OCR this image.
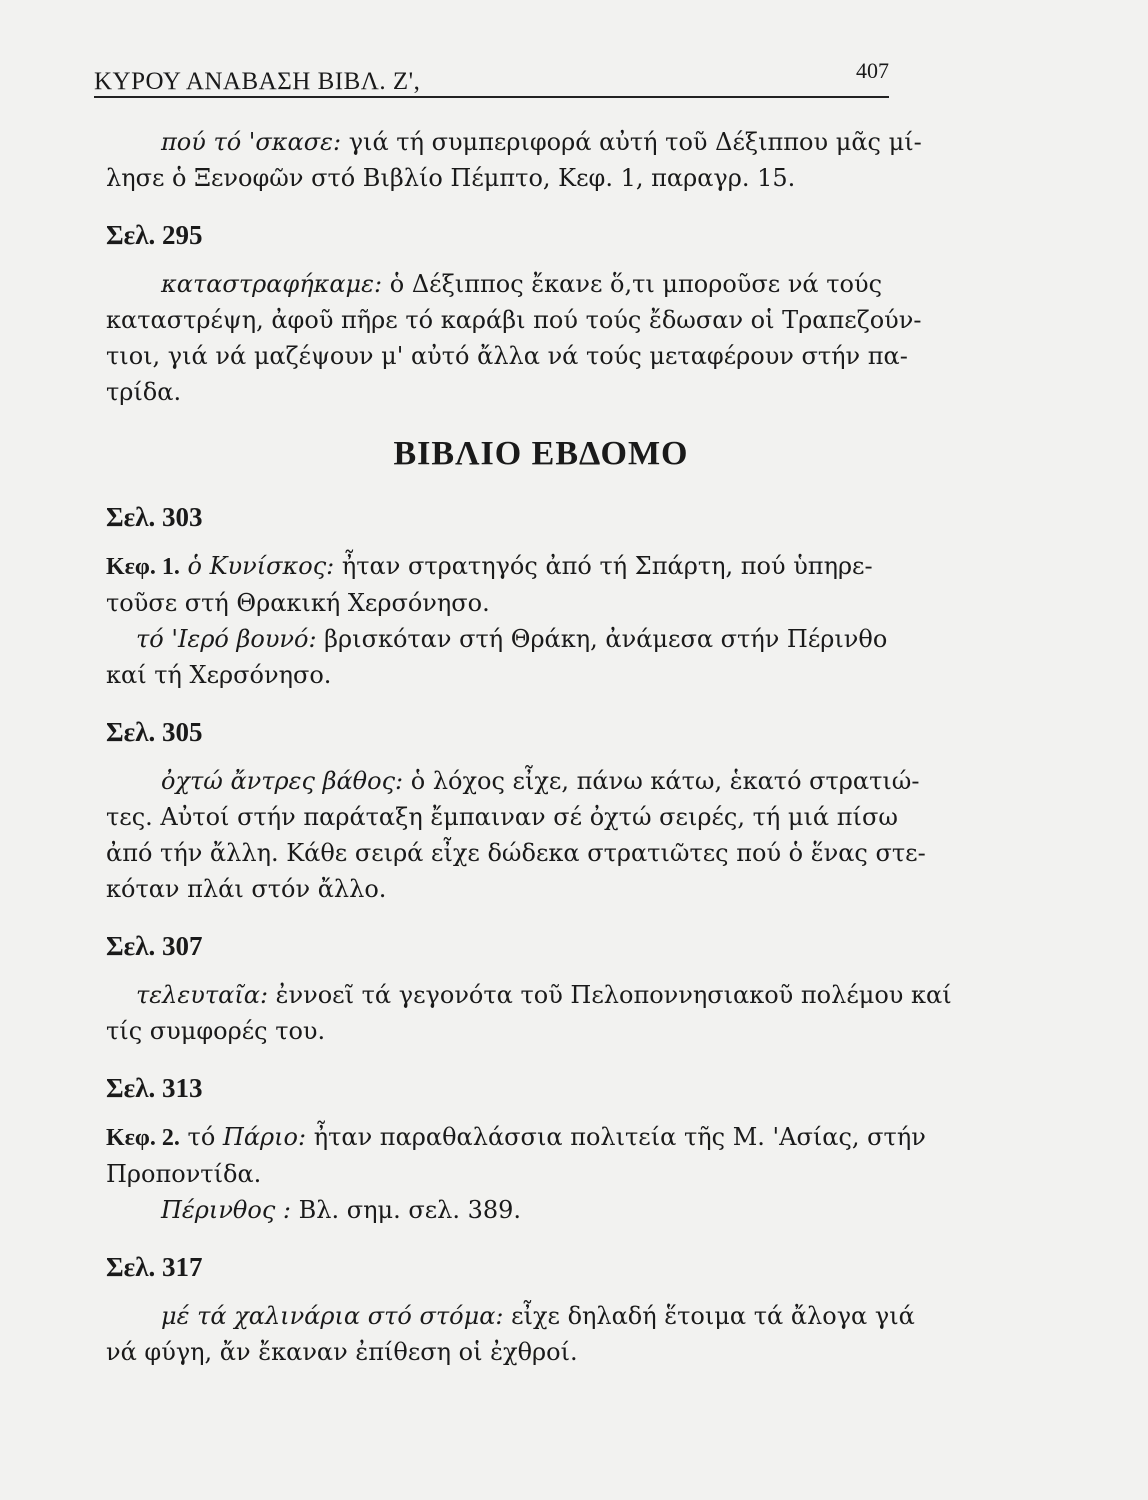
ΚΥΡΟΥ ΑΝΑΒΑΣΗ ΒΙΒΛ. Ζ',	407

πού τό 'σκασε: γιά τή συμπεριφορά αὐτή τοῦ Δέξιππου μᾶς μί-

λησε ὁ Ξενοφῶν στό Βιβλίο Πέμπτο, Κεφ. 1, παραγρ. 15.

Σελ. 295

καταστραφήκαμε: ὁ Δέξιππος ἔκανε ὅ,τι μποροῦσε νά τούς

καταστρέψη, ἀφοῦ πῆρε τό καράβι πού τούς ἔδωσαν οἱ Τραπεζούν-

τιοι, γιά νά μαζέψουν μ' αὐτό ἄλλα νά τούς μεταφέρουν στήν πα-

τρίδα.

ΒΙΒΛΙΟ ΕΒΔΟΜΟ
Σελ. 303

Κεφ. 1. ὁ Κυνίσκος: ἦταν στρατηγός ἀπό τή Σπάρτη, πού ὑπηρε-

τοῦσε στή Θρακική Χερσόνησο.

τό 'Ιερό βουνό: βρισκόταν στή Θράκη, ἀνάμεσα στήν Πέρινθο

καί τή Χερσόνησο.

Σελ. 305

ὀχτώ ἄντρες βάθος: ὁ λόχος εἶχε, πάνω κάτω, ἑκατό στρατιώ-

τες. Αὐτοί στήν παράταξη ἔμπαιναν σέ ὀχτώ σειρές, τή μιά πίσω

ἀπό τήν ἄλλη. Κάθε σειρά εἶχε δώδεκα στρατιῶτες πού ὁ ἕνας στε-

κόταν πλάι στόν ἄλλο.

Σελ. 307

τελευταῖα: ἐννοεῖ τά γεγονότα τοῦ Πελοποννησιακοῦ πολέμου καί

τίς συμφορές του.

Σελ. 313

Κεφ. 2. τό Πάριο: ἦταν παραθαλάσσια πολιτεία τῆς Μ. 'Ασίας, στήν

Προποντίδα.

Πέρινθος : Βλ. σημ. σελ. 389.

Σελ. 317

μέ τά χαλινάρια στό στόμα: εἶχε δηλαδή ἕτοιμα τά ἄλογα γιά

νά φύγη, ἄν ἔκαναν ἐπίθεση οἱ ἐχθροί.
